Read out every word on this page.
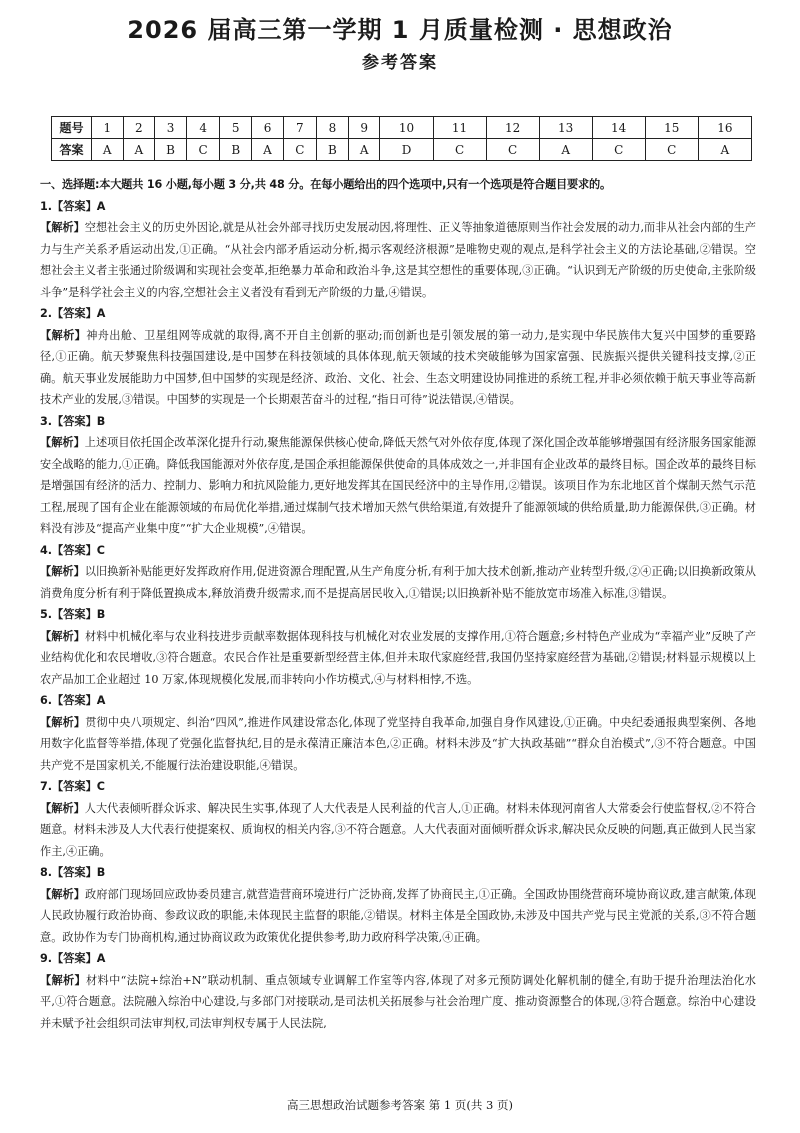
2026 届高三第一学期 1 月质量检测 · 思想政治
参考答案
题号	1	2	3	4	5	6	7	8	9	10	11	12	13	14	15	16
答案	A	A	B	C	B	A	C	B	A	D	C	C	A	C	C	A
一、选择题:本大题共 16 小题,每小题 3 分,共 48 分。在每小题给出的四个选项中,只有一个选项是符合题目要求的。
1.【答案】A
【解析】空想社会主义的历史外因论,就是从社会外部寻找历史发展动因,将理性、正义等抽象道德原则当作社会发展的动力,而非从社会内部的生产力与生产关系矛盾运动出发,①正确。“从社会内部矛盾运动分析,揭示客观经济根源”是唯物史观的观点,是科学社会主义的方法论基础,②错误。空想社会主义者主张通过阶级调和实现社会变革,拒绝暴力革命和政治斗争,这是其空想性的重要体现,③正确。“认识到无产阶级的历史使命,主张阶级斗争”是科学社会主义的内容,空想社会主义者没有看到无产阶级的力量,④错误。
2.【答案】A
【解析】神舟出舱、卫星组网等成就的取得,离不开自主创新的驱动;而创新也是引领发展的第一动力,是实现中华民族伟大复兴中国梦的重要路径,①正确。航天梦聚焦科技强国建设,是中国梦在科技领域的具体体现,航天领域的技术突破能够为国家富强、民族振兴提供关键科技支撑,②正确。航天事业发展能助力中国梦,但中国梦的实现是经济、政治、文化、社会、生态文明建设协同推进的系统工程,并非必须依赖于航天事业等高新技术产业的发展,③错误。中国梦的实现是一个长期艰苦奋斗的过程,“指日可待”说法错误,④错误。
3.【答案】B
【解析】上述项目依托国企改革深化提升行动,聚焦能源保供核心使命,降低天然气对外依存度,体现了深化国企改革能够增强国有经济服务国家能源安全战略的能力,①正确。降低我国能源对外依存度,是国企承担能源保供使命的具体成效之一,并非国有企业改革的最终目标。国企改革的最终目标是增强国有经济的活力、控制力、影响力和抗风险能力,更好地发挥其在国民经济中的主导作用,②错误。该项目作为东北地区首个煤制天然气示范工程,展现了国有企业在能源领域的布局优化举措,通过煤制气技术增加天然气供给渠道,有效提升了能源领域的供给质量,助力能源保供,③正确。材料没有涉及“提高产业集中度”“扩大企业规模”,④错误。
4.【答案】C
【解析】以旧换新补贴能更好发挥政府作用,促进资源合理配置,从生产角度分析,有利于加大技术创新,推动产业转型升级,②④正确;以旧换新政策从消费角度分析有利于降低置换成本,释放消费升级需求,而不是提高居民收入,①错误;以旧换新补贴不能放宽市场准入标准,③错误。
5.【答案】B
【解析】材料中机械化率与农业科技进步贡献率数据体现科技与机械化对农业发展的支撑作用,①符合题意;乡村特色产业成为“幸福产业”反映了产业结构优化和农民增收,③符合题意。农民合作社是重要新型经营主体,但并未取代家庭经营,我国仍坚持家庭经营为基础,②错误;材料显示规模以上农产品加工企业超过 10 万家,体现规模化发展,而非转向小作坊模式,④与材料相悖,不选。
6.【答案】A
【解析】贯彻中央八项规定、纠治“四风”,推进作风建设常态化,体现了党坚持自我革命,加强自身作风建设,①正确。中央纪委通报典型案例、各地用数字化监督等举措,体现了党强化监督执纪,目的是永葆清正廉洁本色,②正确。材料未涉及“扩大执政基础”“群众自治模式”,③不符合题意。中国共产党不是国家机关,不能履行法治建设职能,④错误。
7.【答案】C
【解析】人大代表倾听群众诉求、解决民生实事,体现了人大代表是人民利益的代言人,①正确。材料未体现河南省人大常委会行使监督权,②不符合题意。材料未涉及人大代表行使提案权、质询权的相关内容,③不符合题意。人大代表面对面倾听群众诉求,解决民众反映的问题,真正做到人民当家作主,④正确。
8.【答案】B
【解析】政府部门现场回应政协委员建言,就营造营商环境进行广泛协商,发挥了协商民主,①正确。全国政协围绕营商环境协商议政,建言献策,体现人民政协履行政治协商、参政议政的职能,未体现民主监督的职能,②错误。材料主体是全国政协,未涉及中国共产党与民主党派的关系,③不符合题意。政协作为专门协商机构,通过协商议政为政策优化提供参考,助力政府科学决策,④正确。
9.【答案】A
【解析】材料中“法院+综治+N”联动机制、重点领域专业调解工作室等内容,体现了对多元预防调处化解机制的健全,有助于提升治理法治化水平,①符合题意。法院融入综治中心建设,与多部门对接联动,是司法机关拓展参与社会治理广度、推动资源整合的体现,③符合题意。综治中心建设并未赋予社会组织司法审判权,司法审判权专属于人民法院,
高三思想政治试题参考答案 第 1 页(共 3 页)
